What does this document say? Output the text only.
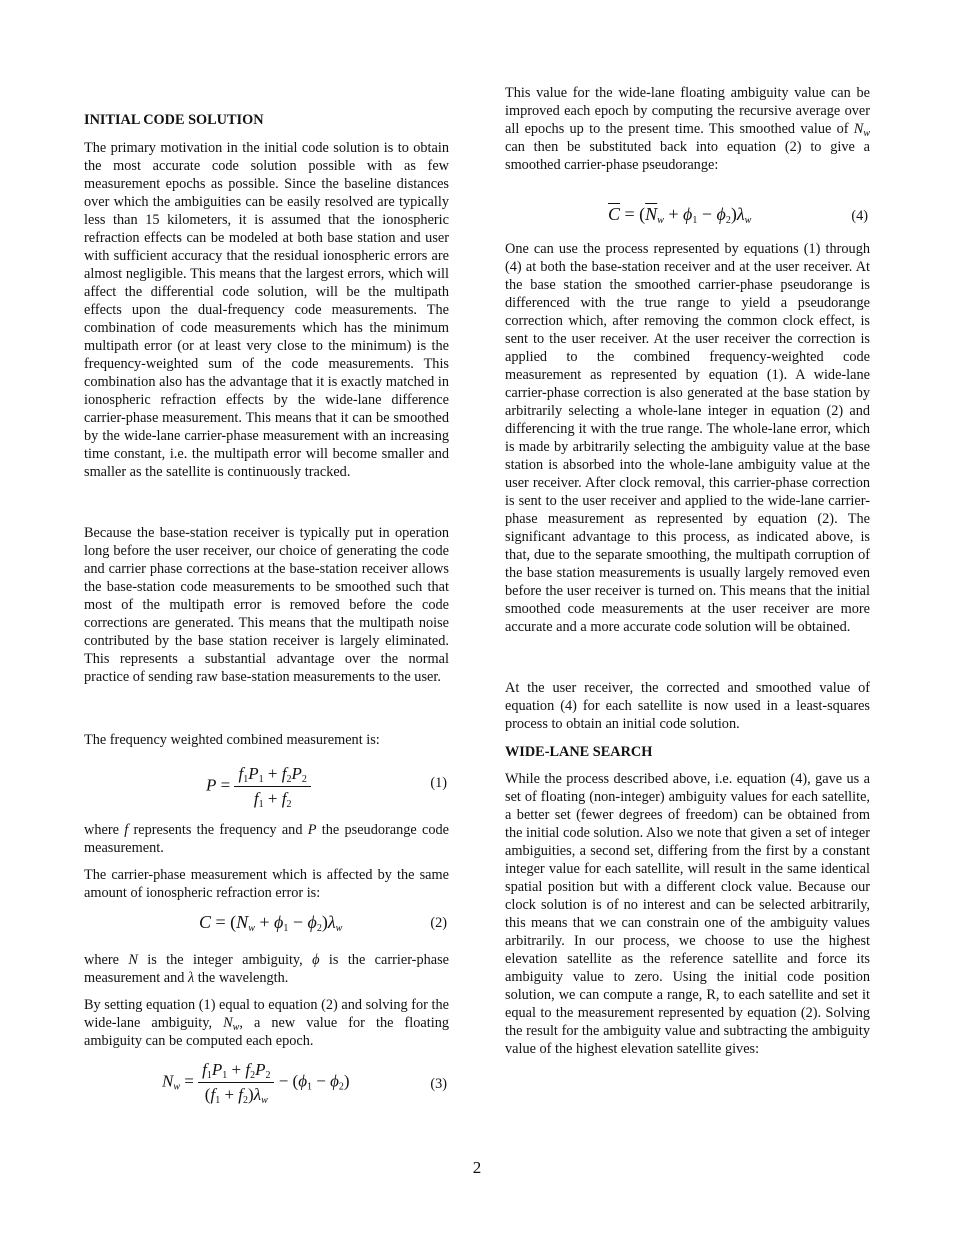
INITIAL CODE SOLUTION

The primary motivation in the initial code solution is to obtain the most accurate code solution possible with as few measurement epochs as possible. Since the baseline distances over which the ambiguities can be easily resolved are typically less than 15 kilometers, it is assumed that the ionospheric refraction effects can be modeled at both base station and user with sufficient accuracy that the residual ionospheric errors are almost negligible. This means that the largest errors, which will affect the differential code solution, will be the multipath effects upon the dual-frequency code measurements. The combination of code measurements which has the minimum multipath error (or at least very close to the minimum) is the frequency-weighted sum of the code measurements. This combination also has the advantage that it is exactly matched in ionospheric refraction effects by the wide-lane difference carrier-phase measurement. This means that it can be smoothed by the wide-lane carrier-phase measurement with an increasing time constant, i.e. the multipath error will become smaller and smaller as the satellite is continuously tracked.

Because the base-station receiver is typically put in operation long before the user receiver, our choice of generating the code and carrier phase corrections at the base-station receiver allows the base-station code measurements to be smoothed such that most of the multipath error is removed before the code corrections are generated. This means that the multipath noise contributed by the base station receiver is largely eliminated. This represents a substantial advantage over the normal practice of sending raw base-station measurements to the user.

The frequency weighted combined measurement is:

$P = \frac{f_1P_1 + f_2P_2}{f_1 + f_2}$	(1)

where f represents the frequency and P the pseudorange code measurement.

The carrier-phase measurement which is affected by the same amount of ionospheric refraction error is:

$C = (N_w + \phi_1 - \phi_2)\lambda_w$	(2)

where N is the integer ambiguity, ϕ is the carrier-phase measurement and λ the wavelength.

By setting equation (1) equal to equation (2) and solving for the wide-lane ambiguity, $N_w$, a new value for the floating ambiguity can be computed each epoch.

$N_w = \frac{f_1P_1 + f_2P_2}{(f_1 + f_2)\lambda_w} - (\phi_1 - \phi_2)$	(3)

This value for the wide-lane floating ambiguity value can be improved each epoch by computing the recursive average over all epochs up to the present time. This smoothed value of $N_w$ can then be substituted back into equation (2) to give a smoothed carrier-phase pseudorange:

$\overline{C} = (\overline{N}_w + \phi_1 - \phi_2)\lambda_w$	(4)

One can use the process represented by equations (1) through (4) at both the base-station receiver and at the user receiver. At the base station the smoothed carrier-phase pseudorange is differenced with the true range to yield a pseudorange correction which, after removing the common clock effect, is sent to the user receiver. At the user receiver the correction is applied to the combined frequency-weighted code measurement as represented by equation (1). A wide-lane carrier-phase correction is also generated at the base station by arbitrarily selecting a whole-lane integer in equation (2) and differencing it with the true range. The whole-lane error, which is made by arbitrarily selecting the ambiguity value at the base station is absorbed into the whole-lane ambiguity value at the user receiver. After clock removal, this carrier-phase correction is sent to the user receiver and applied to the wide-lane carrier-phase measurement as represented by equation (2). The significant advantage to this process, as indicated above, is that, due to the separate smoothing, the multipath corruption of the base station measurements is usually largely removed even before the user receiver is turned on. This means that the initial smoothed code measurements at the user receiver are more accurate and a more accurate code solution will be obtained.

At the user receiver, the corrected and smoothed value of equation (4) for each satellite is now used in a least-squares process to obtain an initial code solution.

WIDE-LANE SEARCH

While the process described above, i.e. equation (4), gave us a set of floating (non-integer) ambiguity values for each satellite, a better set (fewer degrees of freedom) can be obtained from the initial code solution. Also we note that given a set of integer ambiguities, a second set, differing from the first by a constant integer value for each satellite, will result in the same identical spatial position but with a different clock value. Because our clock solution is of no interest and can be selected arbitrarily, this means that we can constrain one of the ambiguity values arbitrarily. In our process, we choose to use the highest elevation satellite as the reference satellite and force its ambiguity value to zero. Using the initial code position solution, we can compute a range, R, to each satellite and set it equal to the measurement represented by equation (2). Solving the result for the ambiguity value and subtracting the ambiguity value of the highest elevation satellite gives:

2
